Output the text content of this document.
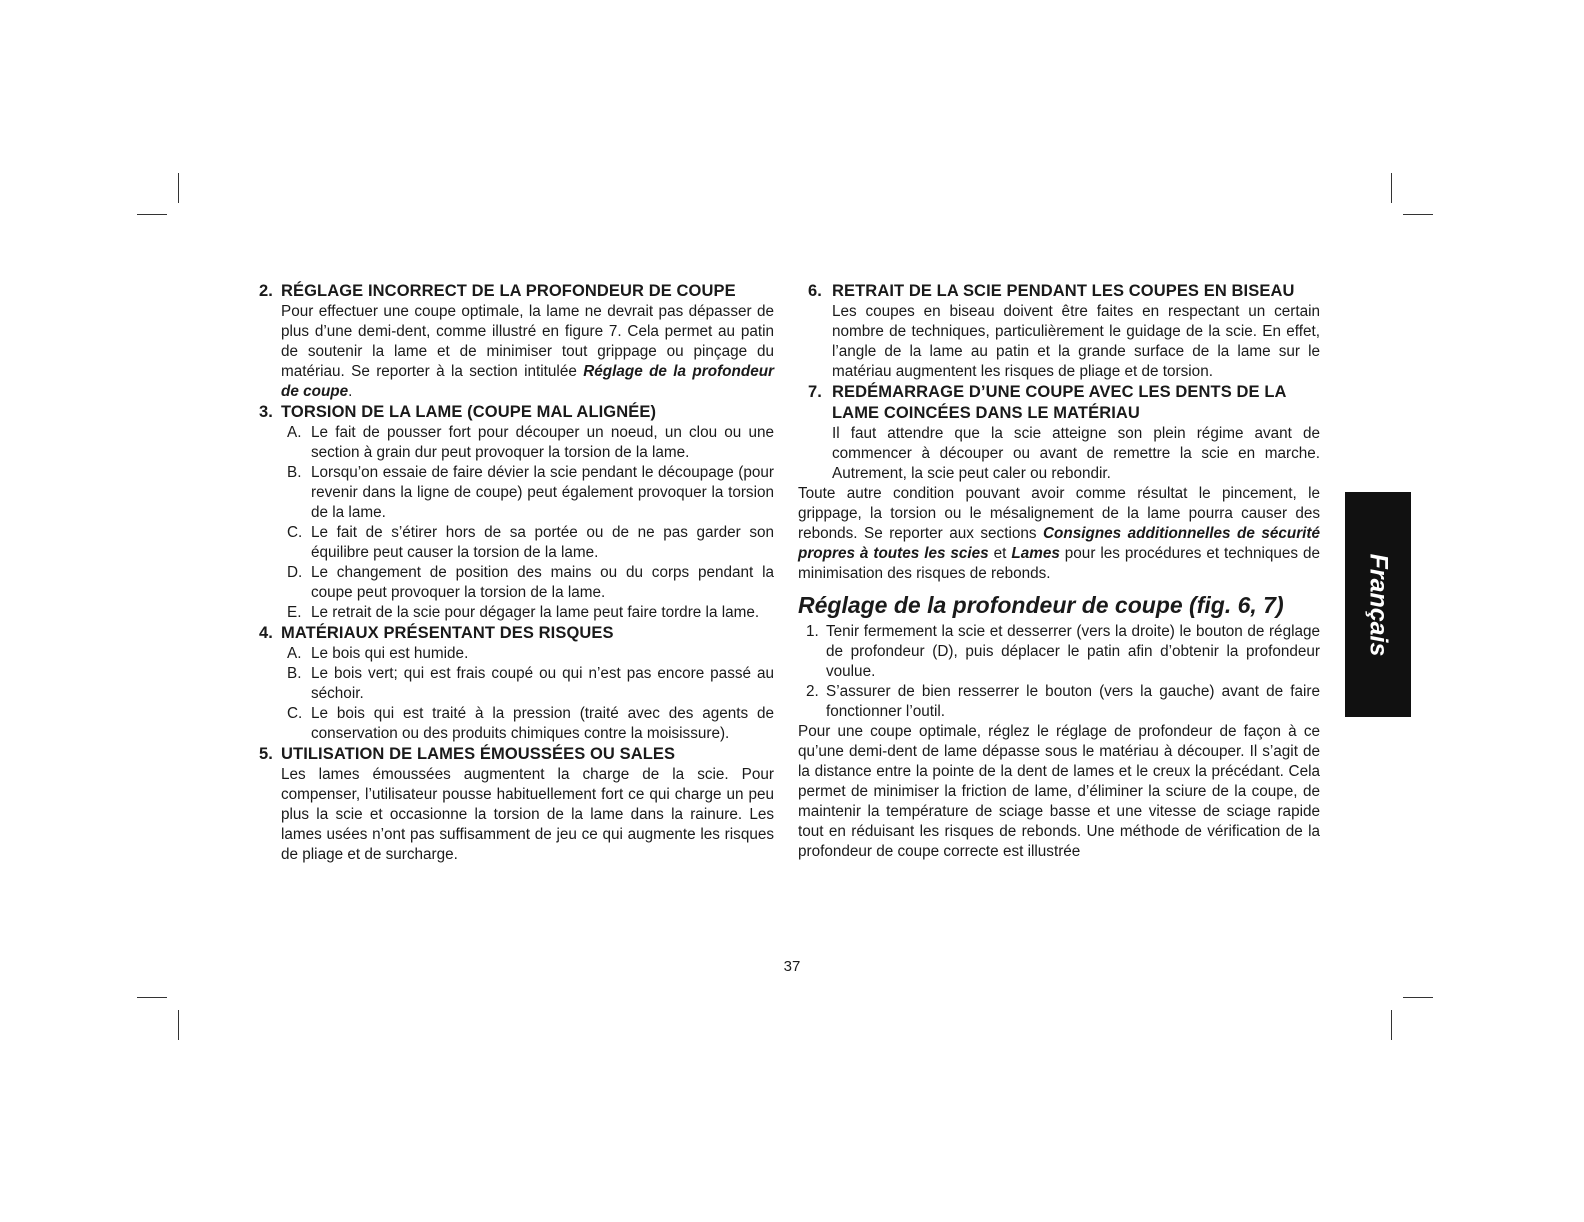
2. RÉGLAGE INCORRECT DE LA PROFONDEUR DE COUPE

Pour effectuer une coupe optimale, la lame ne devrait pas dépasser de plus d’une demi-dent, comme illustré en figure 7. Cela permet au patin de soutenir la lame et de minimiser tout grippage ou pinçage du matériau. Se reporter à la section intitulée Réglage de la profondeur de coupe.

3. TORSION DE LA LAME (COUPE MAL ALIGNÉE)

A. Le fait de pousser fort pour découper un noeud, un clou ou une section à grain dur peut provoquer la torsion de la lame.

B. Lorsqu’on essaie de faire dévier la scie pendant le découpage (pour revenir dans la ligne de coupe) peut également provoquer la torsion de la lame.

C. Le fait de s’étirer hors de sa portée ou de ne pas garder son équilibre peut causer la torsion de la lame.

D. Le changement de position des mains ou du corps pendant la coupe peut provoquer la torsion de la lame.

E. Le retrait de la scie pour dégager la lame peut faire tordre la lame.

4. MATÉRIAUX PRÉSENTANT DES RISQUES

A. Le bois qui est humide.

B. Le bois vert; qui est frais coupé ou qui n’est pas encore passé au séchoir.

C. Le bois qui est traité à la pression (traité avec des agents de conservation ou des produits chimiques contre la moisissure).

5. UTILISATION DE LAMES ÉMOUSSÉES OU SALES

Les lames émoussées augmentent la charge de la scie. Pour compenser, l’utilisateur pousse habituellement fort ce qui charge un peu plus la scie et occasionne la torsion de la lame dans la rainure. Les lames usées n’ont pas suffisamment de jeu ce qui augmente les risques de pliage et de surcharge.

6. RETRAIT DE LA SCIE PENDANT LES COUPES EN BISEAU

Les coupes en biseau doivent être faites en respectant un certain nombre de techniques, particulièrement le guidage de la scie. En effet, l’angle de la lame au patin et la grande surface de la lame sur le matériau augmentent les risques de pliage et de torsion.

7. REDÉMARRAGE D’UNE COUPE AVEC LES DENTS DE LA LAME COINCÉES DANS LE MATÉRIAU

Il faut attendre que la scie atteigne son plein régime avant de commencer à découper ou avant de remettre la scie en marche. Autrement, la scie peut caler ou rebondir.

Toute autre condition pouvant avoir comme résultat le pincement, le grippage, la torsion ou le mésalignement de la lame pourra causer des rebonds. Se reporter aux sections Consignes additionnelles de sécurité propres à toutes les scies et Lames pour les procédures et techniques de minimisation des risques de rebonds.

Réglage de la profondeur de coupe (fig. 6, 7)

1. Tenir fermement la scie et desserrer (vers la droite) le bouton de réglage de profondeur (D), puis déplacer le patin afin d’obtenir la profondeur voulue.

2. S’assurer de bien resserrer le bouton (vers la gauche) avant de faire fonctionner l’outil.

Pour une coupe optimale, réglez le réglage de profondeur de façon à ce qu’une demi-dent de lame dépasse sous le matériau à découper. Il s’agit de la distance entre la pointe de la dent de lames et le creux la précédant. Cela permet de minimiser la friction de lame, d’éliminer la sciure de la coupe, de maintenir la température de sciage basse et une vitesse de sciage rapide tout en réduisant les risques de rebonds. Une méthode de vérification de la profondeur de coupe correcte est illustrée

37
Français
